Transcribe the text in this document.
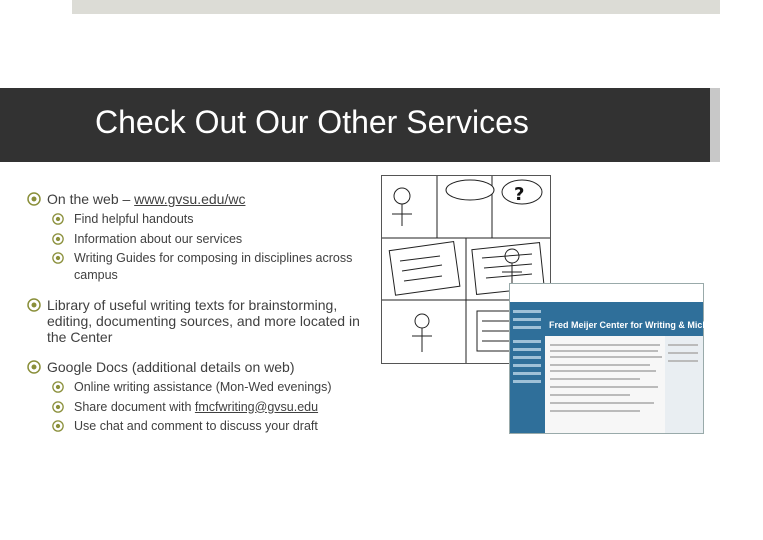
Check Out Our Other Services
On the web – www.gvsu.edu/wc
Find helpful handouts
Information about our services
Writing Guides for composing in disciplines across campus
Library of useful writing texts for brainstorming, editing, documenting sources, and more located in the Center
Google Docs (additional details on web)
Online writing assistance (Mon-Wed evenings)
Share document with fmcfwriting@gvsu.edu
Use chat and comment to discuss your draft
?
Fred Meijer Center for Writing & Michigan Authors
